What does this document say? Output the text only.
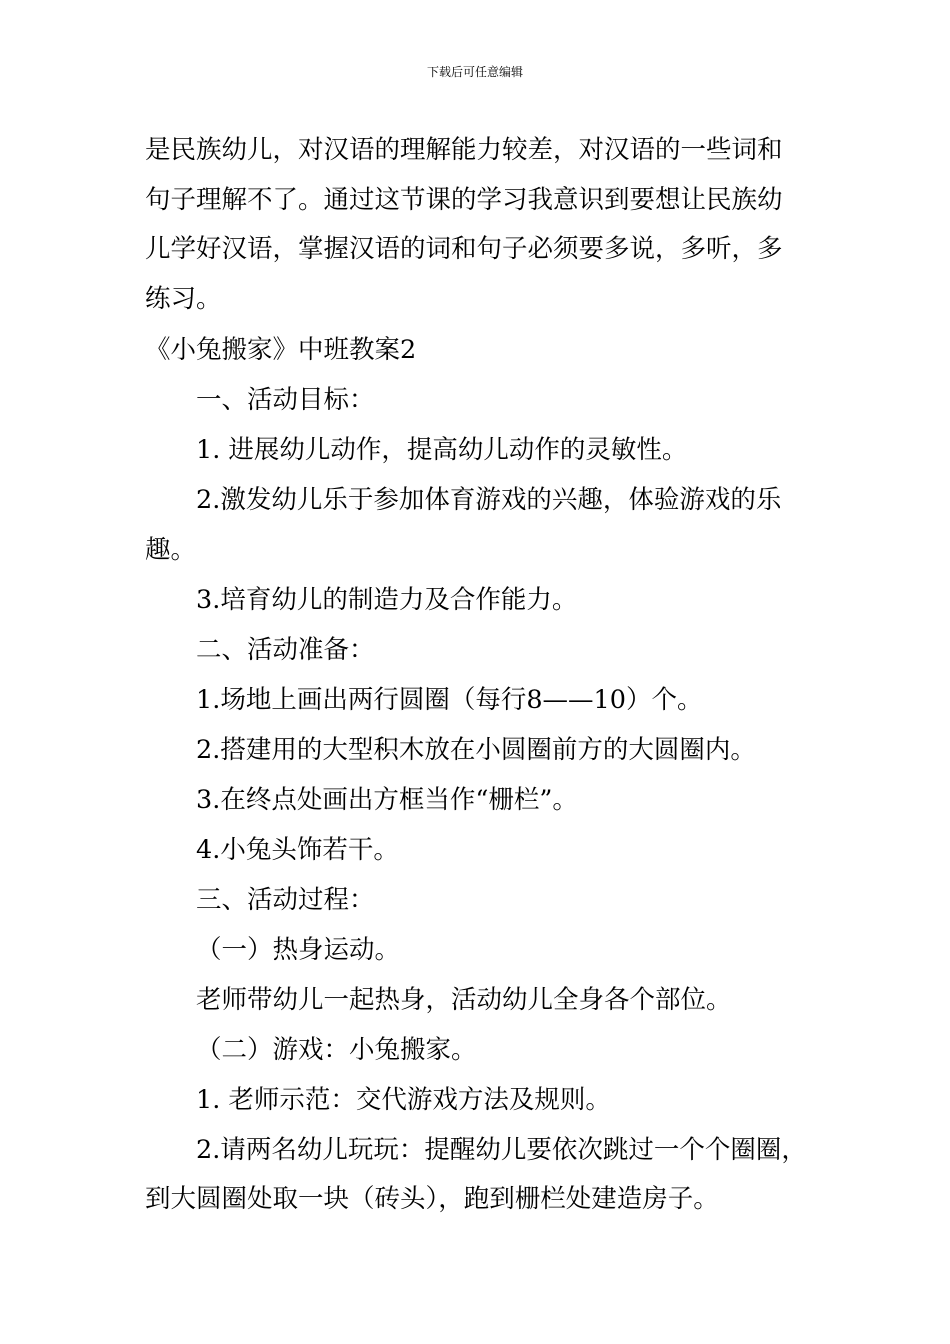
下载后可任意编辑
是民族幼儿，对汉语的理解能力较差，对汉语的一些词和
句子理解不了。通过这节课的学习我意识到要想让民族幼
儿学好汉语，掌握汉语的词和句子必须要多说，多听，多
练习。
《小兔搬家》中班教案2
一、活动目标：
1. 进展幼儿动作，提高幼儿动作的灵敏性。
2.激发幼儿乐于参加体育游戏的兴趣，体验游戏的乐
趣。
3.培育幼儿的制造力及合作能力。
二、活动准备：
1.场地上画出两行圆圈（每行8——10）个。
2.搭建用的大型积木放在小圆圈前方的大圆圈内。
3.在终点处画出方框当作“栅栏”。
4.小兔头饰若干。
三、活动过程：
（一）热身运动。
老师带幼儿一起热身，活动幼儿全身各个部位。
（二）游戏：小兔搬家。
1. 老师示范：交代游戏方法及规则。
2.请两名幼儿玩玩：提醒幼儿要依次跳过一个个圈圈，
到大圆圈处取一块（砖头），跑到栅栏处建造房子。
